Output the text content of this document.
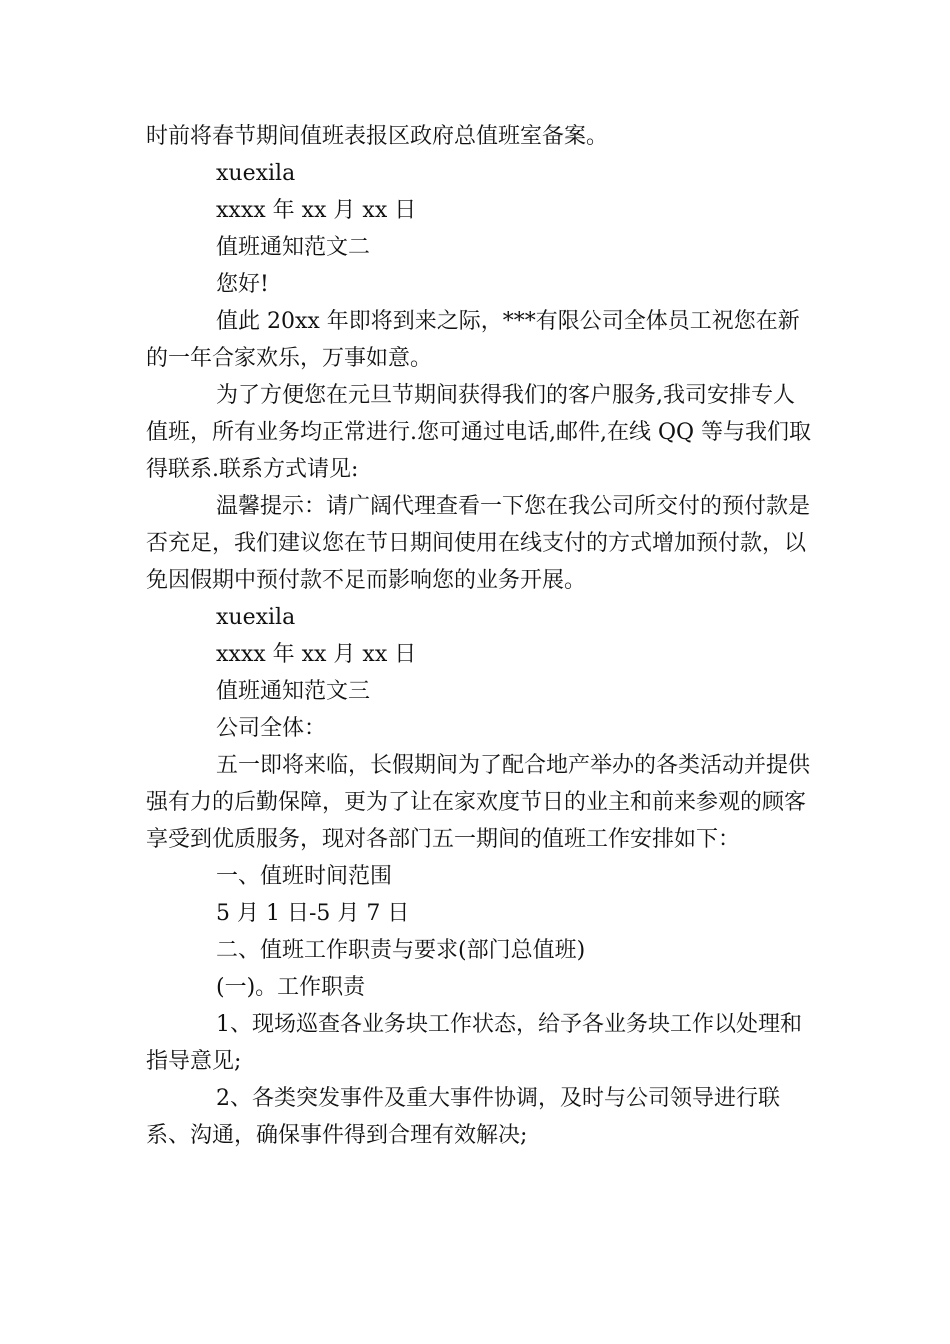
时前将春节期间值班表报区政府总值班室备案。

xuexila

xxxx 年 xx 月 xx 日

值班通知范文二

您好!

值此 20xx 年即将到来之际，***有限公司全体员工祝您在新的一年合家欢乐，万事如意。

为了方便您在元旦节期间获得我们的客户服务,我司安排专人值班，所有业务均正常进行.您可通过电话,邮件,在线 QQ 等与我们取得联系.联系方式请见:

温馨提示：请广阔代理查看一下您在我公司所交付的预付款是否充足，我们建议您在节日期间使用在线支付的方式增加预付款，以免因假期中预付款不足而影响您的业务开展。

xuexila

xxxx 年 xx 月 xx 日

值班通知范文三

公司全体：

五一即将来临，长假期间为了配合地产举办的各类活动并提供强有力的后勤保障，更为了让在家欢度节日的业主和前来参观的顾客享受到优质服务，现对各部门五一期间的值班工作安排如下：

一、值班时间范围

5 月 1 日-5 月 7 日

二、值班工作职责与要求(部门总值班)

(一)。工作职责

1、现场巡查各业务块工作状态，给予各业务块工作以处理和指导意见;

2、各类突发事件及重大事件协调，及时与公司领导进行联系、沟通，确保事件得到合理有效解决;
